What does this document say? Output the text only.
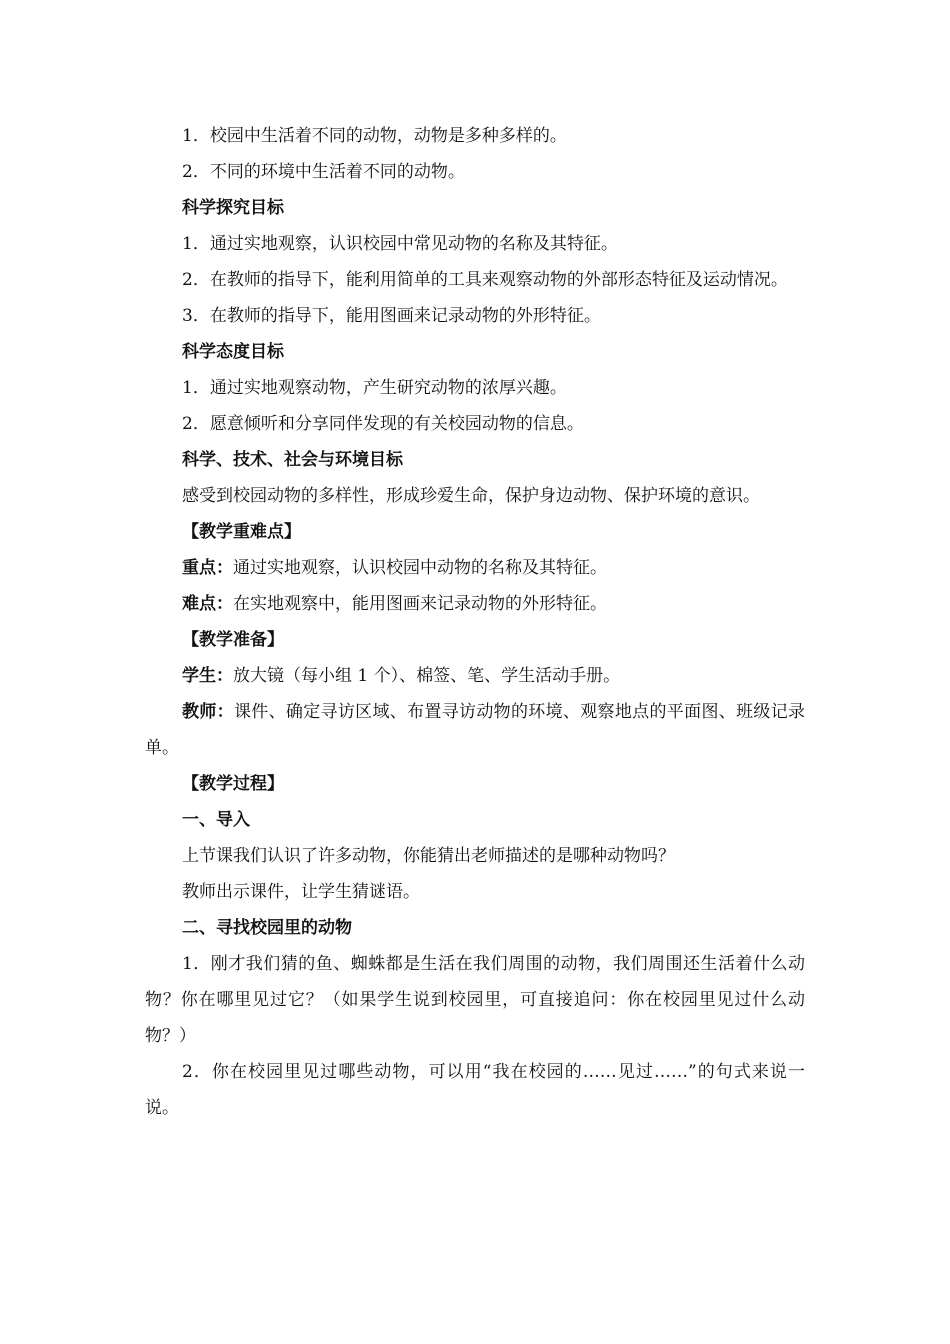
1．校园中生活着不同的动物，动物是多种多样的。

2．不同的环境中生活着不同的动物。

科学探究目标

1．通过实地观察，认识校园中常见动物的名称及其特征。

2．在教师的指导下，能利用简单的工具来观察动物的外部形态特征及运动情况。

3．在教师的指导下，能用图画来记录动物的外形特征。

科学态度目标

1．通过实地观察动物，产生研究动物的浓厚兴趣。

2．愿意倾听和分享同伴发现的有关校园动物的信息。

科学、技术、社会与环境目标

感受到校园动物的多样性，形成珍爱生命，保护身边动物、保护环境的意识。

【教学重难点】

重点：通过实地观察，认识校园中动物的名称及其特征。

难点：在实地观察中，能用图画来记录动物的外形特征。

【教学准备】

学生：放大镜（每小组 1 个）、棉签、笔、学生活动手册。

教师：课件、确定寻访区域、布置寻访动物的环境、观察地点的平面图、班级记录单。

【教学过程】

一、导入

上节课我们认识了许多动物，你能猜出老师描述的是哪种动物吗？

教师出示课件，让学生猜谜语。

二、寻找校园里的动物

1．刚才我们猜的鱼、蜘蛛都是生活在我们周围的动物，我们周围还生活着什么动物？你在哪里见过它？（如果学生说到校园里，可直接追问：你在校园里见过什么动物？）

2．你在校园里见过哪些动物，可以用“我在校园的……见过……”的句式来说一说。
